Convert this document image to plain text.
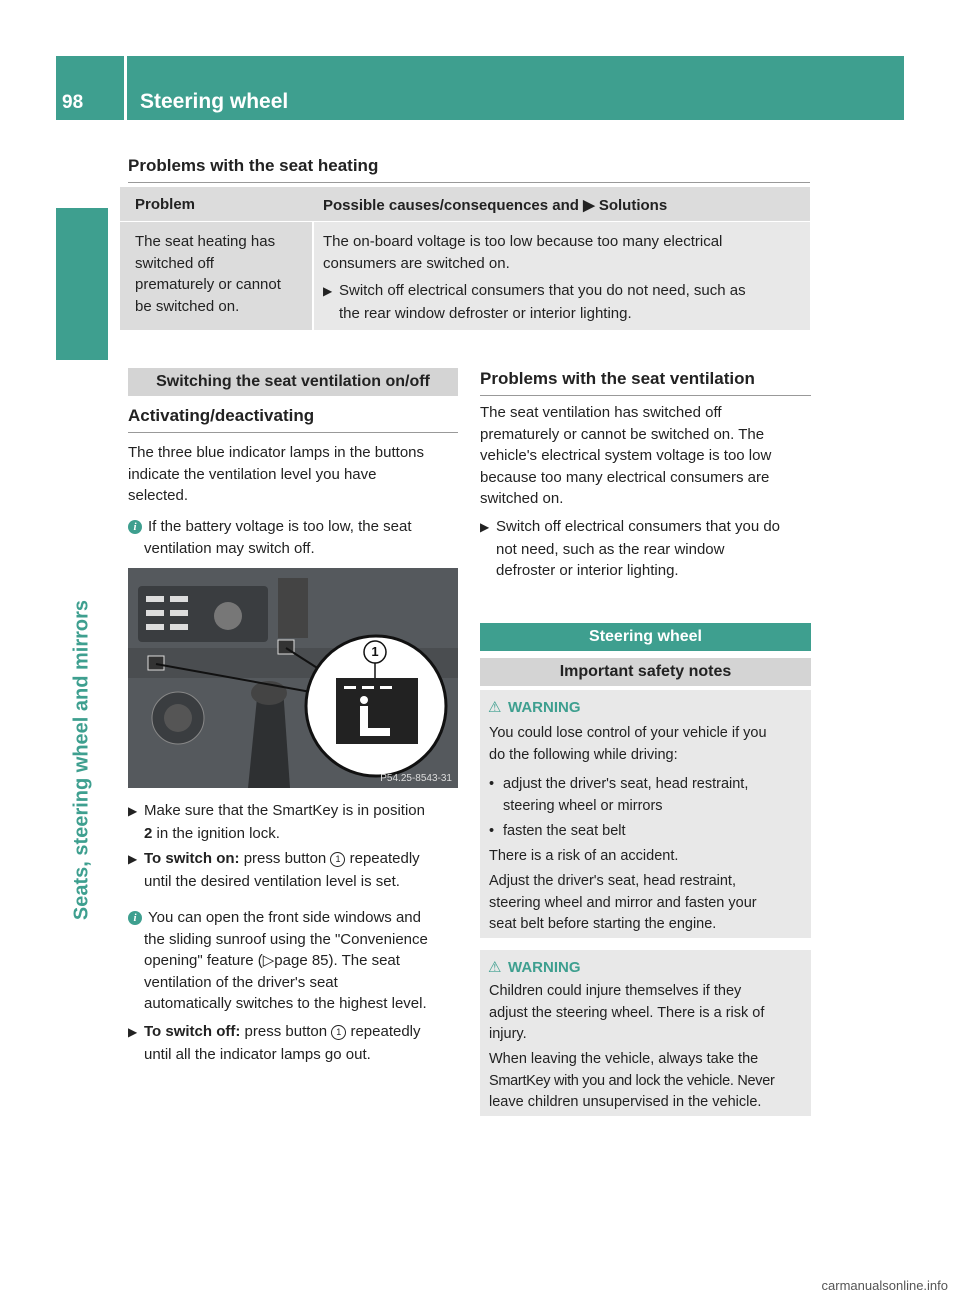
98	Steering wheel
Seats, steering wheel and mirrors
Problems with the seat heating
Problem	Possible causes/consequences and ▶ Solutions
The seat heating has
switched off
prematurely or cannot
be switched on.
The on-board voltage is too low because too many electrical
consumers are switched on.
▶ Switch off electrical consumers that you do not need, such as
the rear window defroster or interior lighting.
Switching the seat ventilation on/off
Activating/deactivating
The three blue indicator lamps in the buttons
indicate the ventilation level you have
selected.
i If the battery voltage is too low, the seat
ventilation may switch off.
1
P54.25-8543-31
▶ Make sure that the SmartKey is in position
2 in the ignition lock.
▶ To switch on: press button 1 repeatedly
until the desired ventilation level is set.
i You can open the front side windows and
the sliding sunroof using the "Convenience
opening" feature (▷page 85). The seat
ventilation of the driver's seat
automatically switches to the highest level.
▶ To switch off: press button 1 repeatedly
until all the indicator lamps go out.
Problems with the seat ventilation
The seat ventilation has switched off
prematurely or cannot be switched on. The
vehicle's electrical system voltage is too low
because too many electrical consumers are
switched on.
▶ Switch off electrical consumers that you do
not need, such as the rear window
defroster or interior lighting.
Steering wheel
Important safety notes
⚠ WARNING
You could lose control of your vehicle if you
do the following while driving:
• adjust the driver's seat, head restraint,
steering wheel or mirrors
• fasten the seat belt
There is a risk of an accident.
Adjust the driver's seat, head restraint,
steering wheel and mirror and fasten your
seat belt before starting the engine.
⚠ WARNING
Children could injure themselves if they
adjust the steering wheel. There is a risk of
injury.
When leaving the vehicle, always take the
SmartKey with you and lock the vehicle. Never
leave children unsupervised in the vehicle.
carmanualsonline.info
